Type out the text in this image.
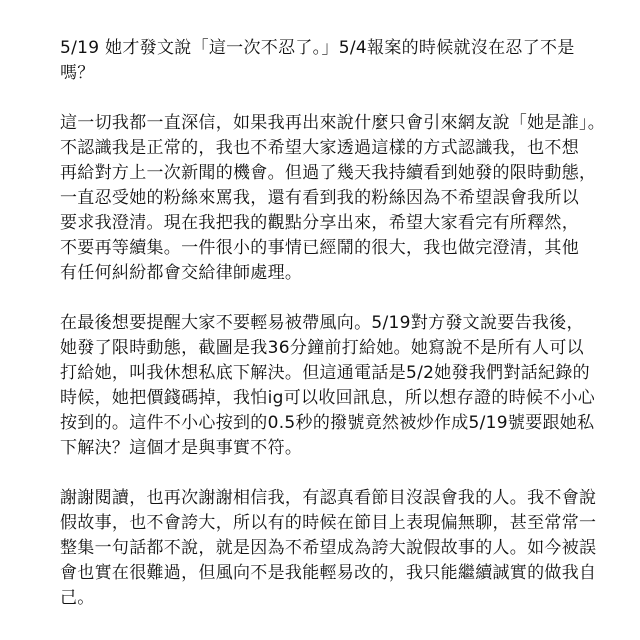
5/19 她才發文說「這一次不忍了。」5/4報案的時候就沒在忍了不是
嗎？

這一切我都一直深信，如果我再出來說什麼只會引來網友說「她是誰」。
不認識我是正常的，我也不希望大家透過這樣的方式認識我，也不想
再給對方上一次新聞的機會。但過了幾天我持續看到她發的限時動態，
一直忍受她的粉絲來罵我，還有看到我的粉絲因為不希望誤會我所以
要求我澄清。現在我把我的觀點分享出來，希望大家看完有所釋然，
不要再等續集。一件很小的事情已經鬧的很大，我也做完澄清，其他
有任何糾紛都會交給律師處理。

在最後想要提醒大家不要輕易被帶風向。5/19對方發文說要告我後，
她發了限時動態，截圖是我36分鐘前打給她。她寫說不是所有人可以
打給她，叫我休想私底下解決。但這通電話是5/2她發我們對話紀錄的
時候，她把價錢碼掉，我怕ig可以收回訊息，所以想存證的時候不小心
按到的。這件不小心按到的0.5秒的撥號竟然被炒作成5/19號要跟她私
下解決？這個才是與事實不符。

謝謝閱讀，也再次謝謝相信我，有認真看節目沒誤會我的人。我不會說
假故事，也不會誇大，所以有的時候在節目上表現偏無聊，甚至常常一
整集一句話都不說，就是因為不希望成為誇大說假故事的人。如今被誤
會也實在很難過，但風向不是我能輕易改的，我只能繼續誠實的做我自
己。
